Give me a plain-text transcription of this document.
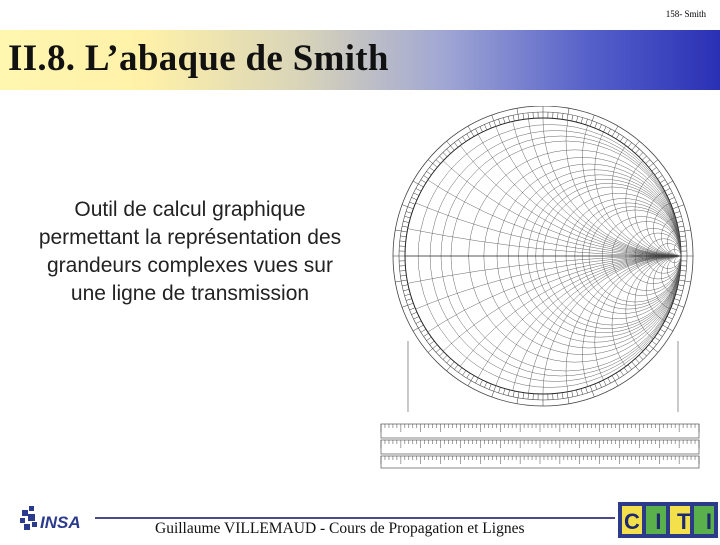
158- Smith
II.8. L’abaque de Smith
Outil de calcul graphique permettant la représentation des grandeurs complexes vues sur une ligne de transmission
Guillaume VILLEMAUD - Cours de Propagation et Lignes
INSA	CITI
